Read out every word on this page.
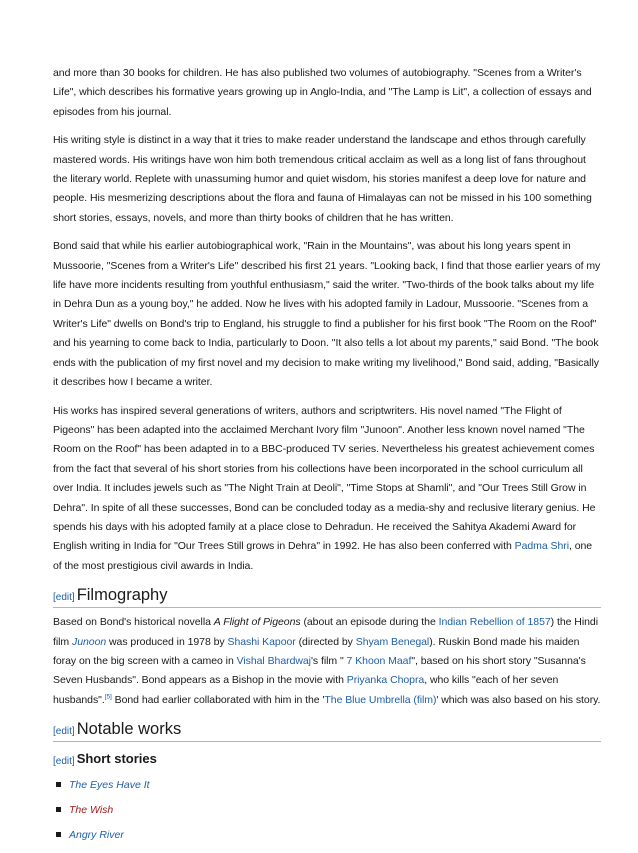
and more than 30 books for children. He has also published two volumes of autobiography. "Scenes from a Writer's Life", which describes his formative years growing up in Anglo-India, and "The Lamp is Lit", a collection of essays and episodes from his journal.

His writing style is distinct in a way that it tries to make reader understand the landscape and ethos through carefully mastered words. His writings have won him both tremendous critical acclaim as well as a long list of fans throughout the literary world. Replete with unassuming humor and quiet wisdom, his stories manifest a deep love for nature and people. His mesmerizing descriptions about the flora and fauna of Himalayas can not be missed in his 100 something short stories, essays, novels, and more than thirty books of children that he has written.

Bond said that while his earlier autobiographical work, "Rain in the Mountains", was about his long years spent in Mussoorie, "Scenes from a Writer's Life" described his first 21 years. "Looking back, I find that those earlier years of my life have more incidents resulting from youthful enthusiasm," said the writer. "Two-thirds of the book talks about my life in Dehra Dun as a young boy," he added. Now he lives with his adopted family in Ladour, Mussoorie. "Scenes from a Writer's Life" dwells on Bond's trip to England, his struggle to find a publisher for his first book "The Room on the Roof" and his yearning to come back to India, particularly to Doon. "It also tells a lot about my parents," said Bond. "The book ends with the publication of my first novel and my decision to make writing my livelihood," Bond said, adding, "Basically it describes how I became a writer.

His works has inspired several generations of writers, authors and scriptwriters. His novel named "The Flight of Pigeons" has been adapted into the acclaimed Merchant Ivory film "Junoon". Another less known novel named "The Room on the Roof" has been adapted in to a BBC-produced TV series. Nevertheless his greatest achievement comes from the fact that several of his short stories from his collections have been incorporated in the school curriculum all over India. It includes jewels such as "The Night Train at Deoli", "Time Stops at Shamli", and "Our Trees Still Grow in Dehra". In spite of all these successes, Bond can be concluded today as a media-shy and reclusive literary genius. He spends his days with his adopted family at a place close to Dehradun. He received the Sahitya Akademi Award for English writing in India for "Our Trees Still grows in Dehra" in 1992. He has also been conferred with Padma Shri, one of the most prestigious civil awards in India.

[edit] Filmography

Based on Bond's historical novella A Flight of Pigeons (about an episode during the Indian Rebellion of 1857) the Hindi film Junoon was produced in 1978 by Shashi Kapoor (directed by Shyam Benegal). Ruskin Bond made his maiden foray on the big screen with a cameo in Vishal Bhardwaj's film " 7 Khoon Maaf", based on his short story "Susanna's Seven Husbands". Bond appears as a Bishop in the movie with Priyanka Chopra, who kills "each of her seven husbands".[5] Bond had earlier collaborated with him in the 'The Blue Umbrella (film)' which was also based on his story.

[edit] Notable works
[edit] Short stories
The Eyes Have It
The Wish
Angry River
